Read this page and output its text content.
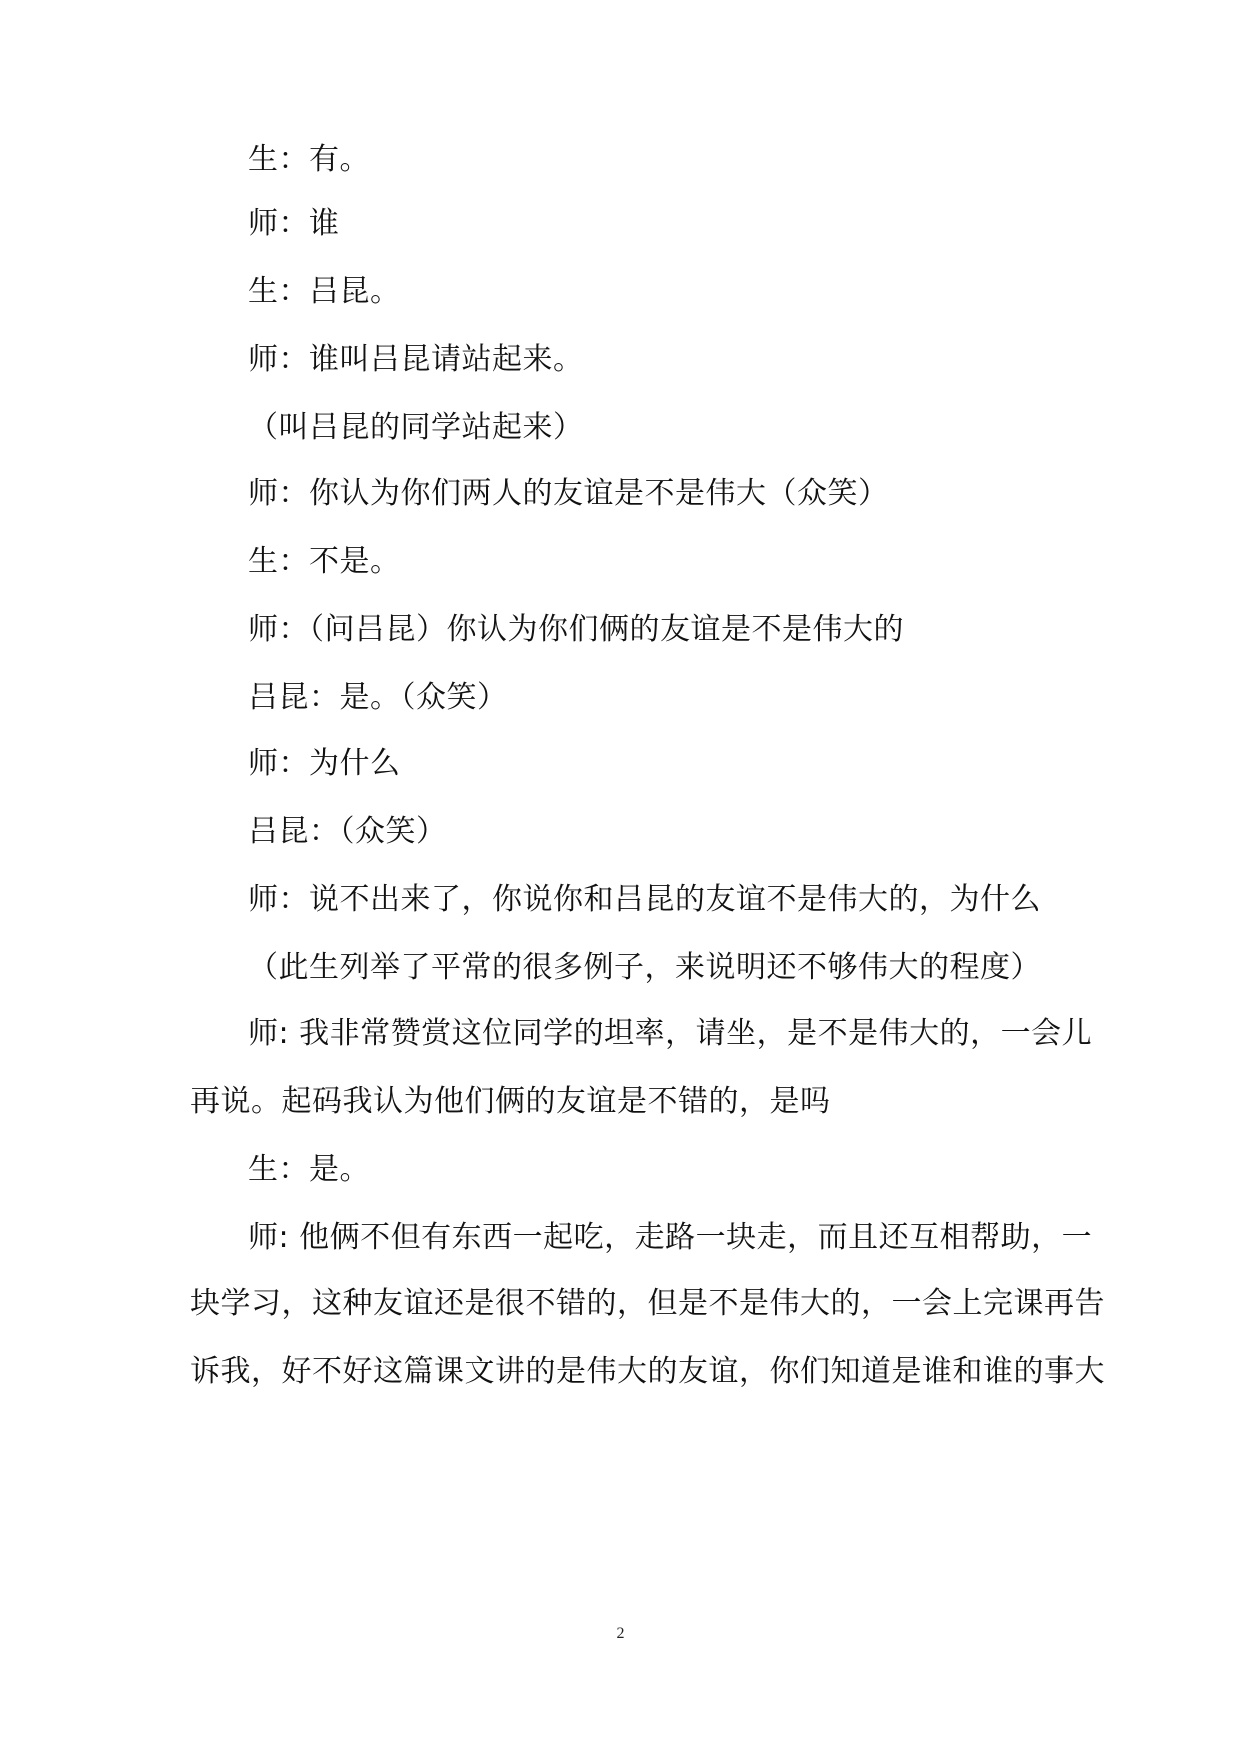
生：有。
师：谁
生：吕昆。
师：谁叫吕昆请站起来。
（叫吕昆的同学站起来）
师：你认为你们两人的友谊是不是伟大（众笑）
生：不是。
师：（问吕昆）你认为你们俩的友谊是不是伟大的
吕昆：是。（众笑）
师：为什么
吕昆：（众笑）
师：说不出来了，你说你和吕昆的友谊不是伟大的，为什么
（此生列举了平常的很多例子，来说明还不够伟大的程度）
师: 我非常赞赏这位同学的坦率，请坐，是不是伟大的，一会儿
再说。起码我认为他们俩的友谊是不错的，是吗
生：是。
师: 他俩不但有东西一起吃，走路一块走，而且还互相帮助，一
块学习，这种友谊还是很不错的，但是不是伟大的，一会上完课再告
诉我，好不好这篇课文讲的是伟大的友谊，你们知道是谁和谁的事大
2
